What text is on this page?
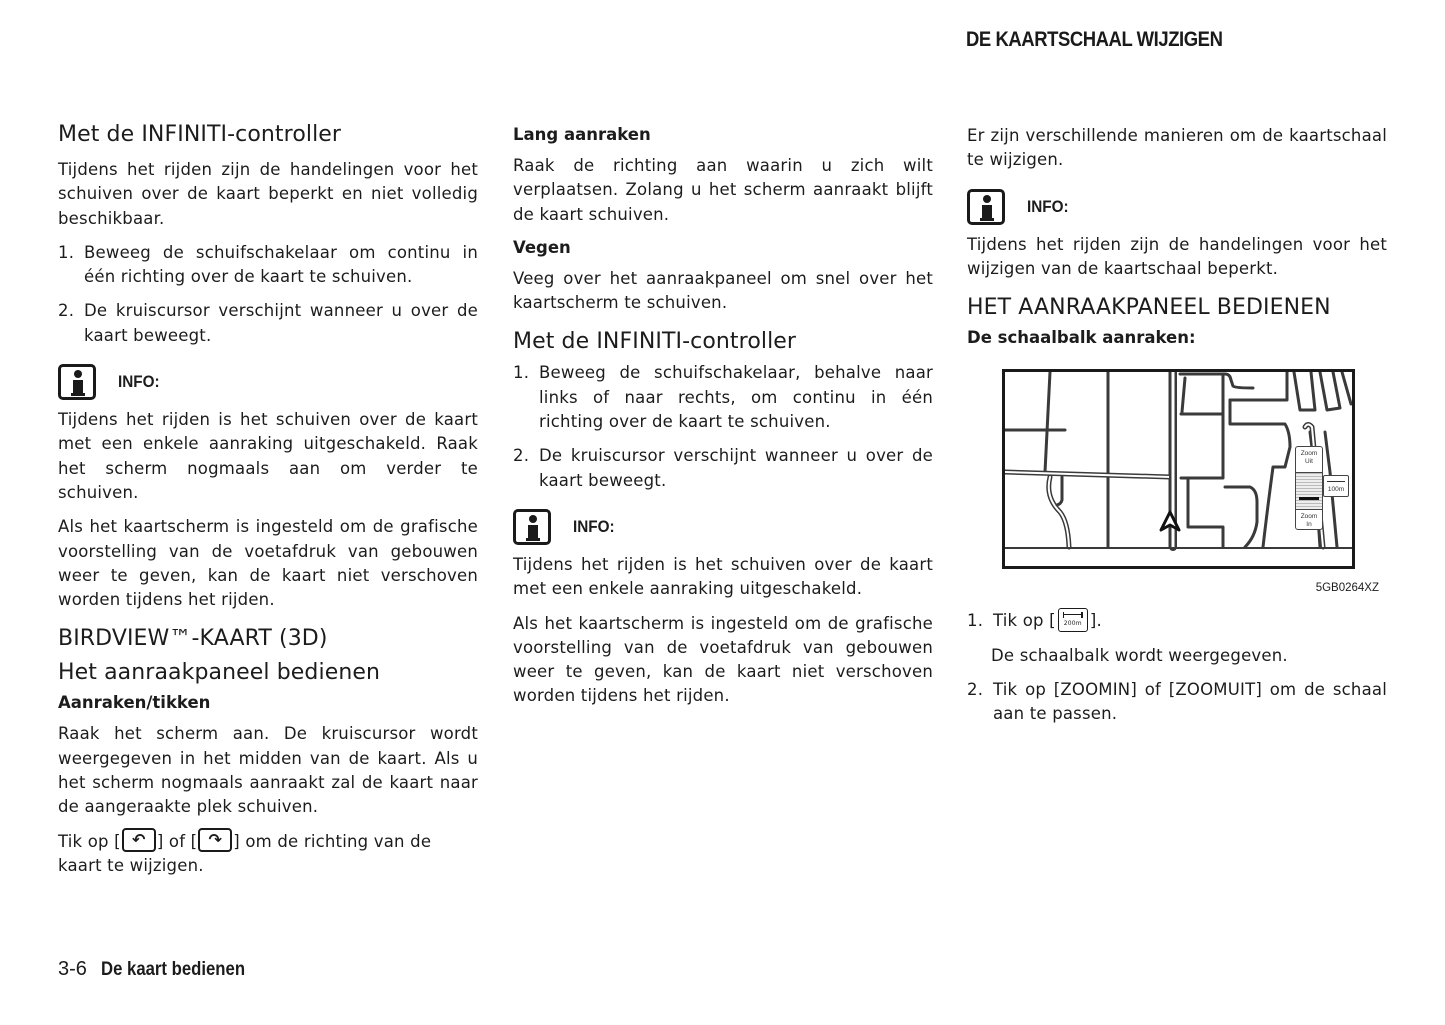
DE KAARTSCHAAL WIJZIGEN
Met de INFINITI-controller

Tijdens het rijden zijn de handelingen voor het schuiven over de kaart beperkt en niet volledig beschikbaar.

1. Beweeg de schuifschakelaar om continu in één richting over de kaart te schuiven.
2. De kruiscursor verschijnt wanneer u over de kaart beweegt.
INFO:

Tijdens het rijden is het schuiven over de kaart met een enkele aanraking uitgeschakeld. Raak het scherm nogmaals aan om verder te schuiven.

Als het kaartscherm is ingesteld om de grafische voorstelling van de voetafdruk van gebouwen weer te geven, kan de kaart niet verschoven worden tijdens het rijden.

BIRDVIEW™-KAART (3D)
Het aanraakpaneel bedienen
Aanraken/tikken

Raak het scherm aan. De kruiscursor wordt weergegeven in het midden van de kaart. Als u het scherm nogmaals aanraakt zal de kaart naar de aangeraakte plek schuiven.

Tik op [ ↶ ] of [ ↷ ] om de richting van de kaart te wijzigen.

Lang aanraken

Raak de richting aan waarin u zich wilt verplaatsen. Zolang u het scherm aanraakt blijft de kaart schuiven.

Vegen

Veeg over het aanraakpaneel om snel over het kaartscherm te schuiven.

Met de INFINITI-controller
1. Beweeg de schuifschakelaar, behalve naar links of naar rechts, om continu in één richting over de kaart te schuiven.
2. De kruiscursor verschijnt wanneer u over de kaart beweegt.
INFO:

Tijdens het rijden is het schuiven over de kaart met een enkele aanraking uitgeschakeld.

Als het kaartscherm is ingesteld om de grafische voorstelling van de voetafdruk van gebouwen weer te geven, kan de kaart niet verschoven worden tijdens het rijden.

Er zijn verschillende manieren om de kaartschaal te wijzigen.

INFO:

Tijdens het rijden zijn de handelingen voor het wijzigen van de kaartschaal beperkt.

HET AANRAAKPANEEL BEDIENEN
De schaalbalk aanraken:
Zoom
Uit
Zoom
In
100m
5GB0264XZ
1. Tik op [	200m ].

De schaalbalk wordt weergegeven.

2. Tik op [ZOOMIN] of [ZOOMUIT] om de schaal aan te passen.
3-6 De kaart bedienen
